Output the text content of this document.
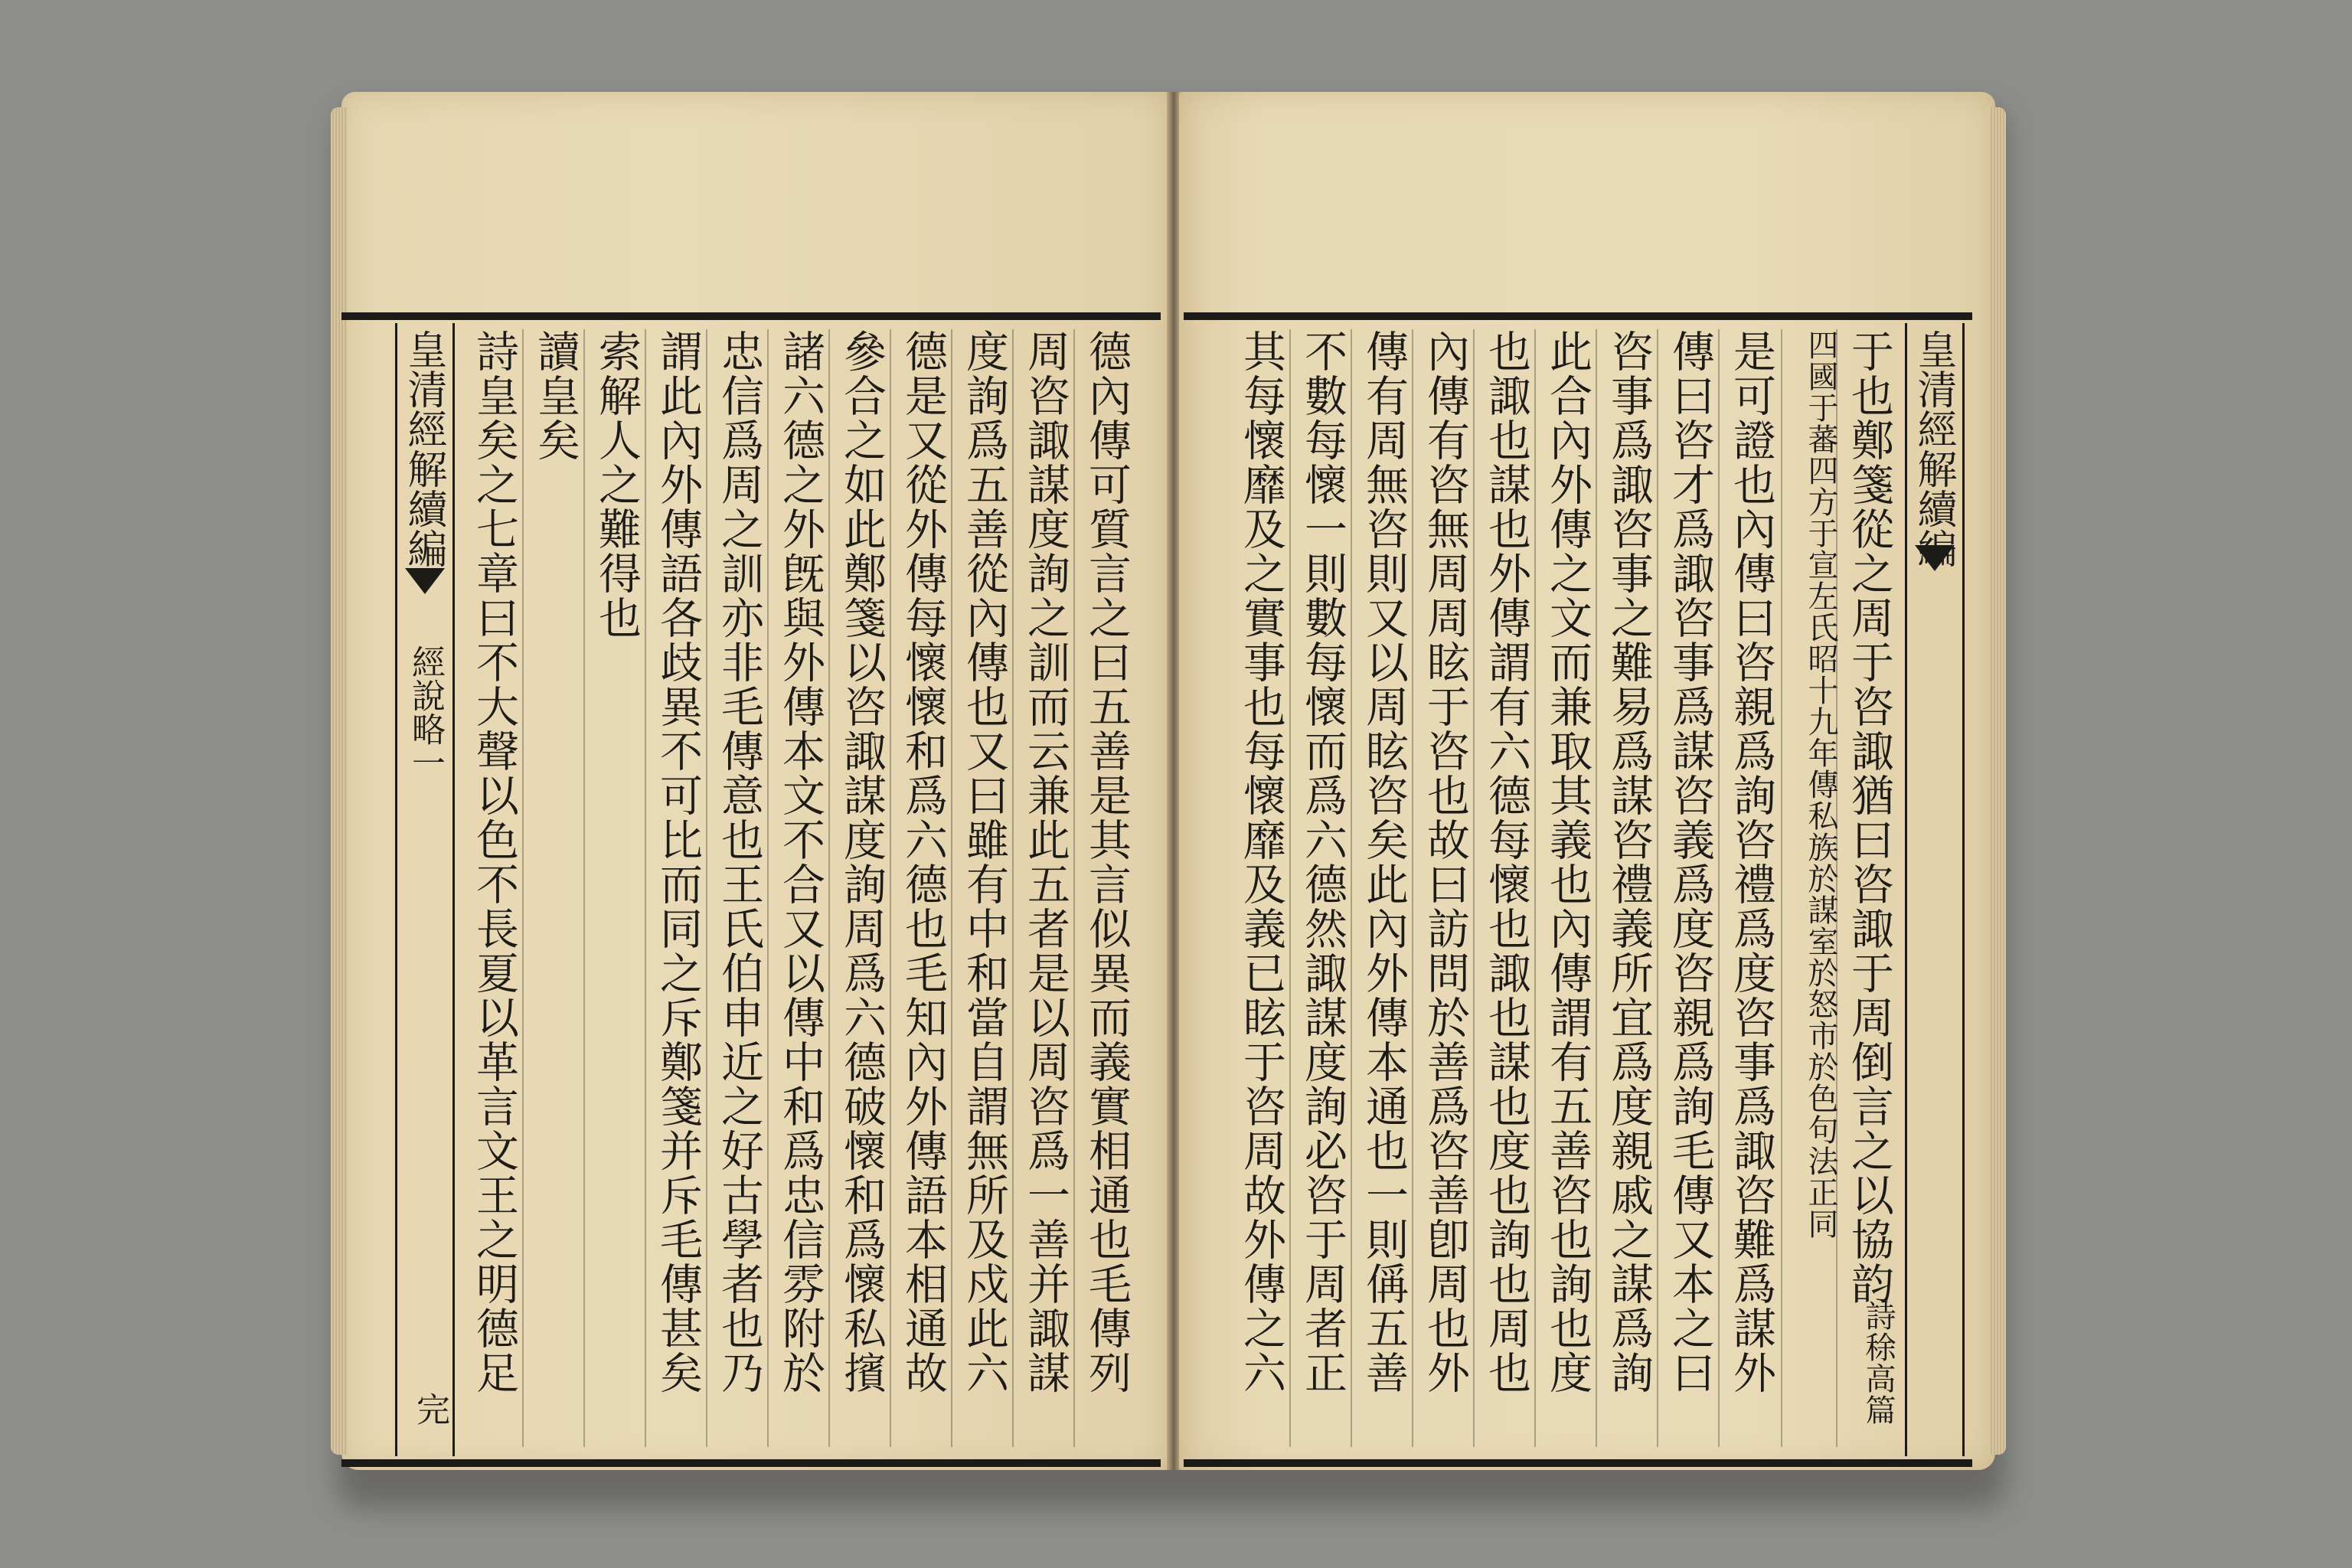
德內傳可質言之曰五善是其言似異而義實相通也毛傳列
周咨諏謀度詢之訓而云兼此五者是以周咨爲一善并諏謀
度詢爲五善從內傳也又曰雖有中和當自謂無所及戍此六
德是又從外傳每懷懷和爲六德也毛知內外傳語本相通故
參合之如此鄭箋以咨諏謀度詢周爲六德破懷和爲懷私擯
諸六德之外旣與外傳本文不合又以傳中和爲忠信雰附於
忠信爲周之訓亦非毛傳意也王氏伯申近之好古學者也乃
謂此內外傳語各歧異不可比而同之斥鄭箋并斥毛傳甚矣
索解人之難得也
讀皇矣
詩皇矣之七章曰不大聲以色不長夏以革言文王之明德足
皇清經解續編
經說略一
完
皇清經解續編
于也鄭箋從之周于咨諏猶曰咨諏于周倒言之以協韵
詩稌高篇
四國于蕃四方于宣左氏昭十九年傳私族於謀室於怒市於色句法正同
是可證也內傳曰咨親爲詢咨禮爲度咨事爲諏咨難爲謀外
傳曰咨才爲諏咨事爲謀咨義爲度咨親爲詢毛傳又本之曰
咨事爲諏咨事之難易爲謀咨禮義所宜爲度親戚之謀爲詢
此合內外傳之文而兼取其義也內傳謂有五善咨也詢也度
也諏也謀也外傳謂有六德每懷也諏也謀也度也詢也周也
內傳有咨無周周眩于咨也故曰訪問於善爲咨善卽周也外
傳有周無咨則又以周眩咨矣此內外傳本通也一則偁五善
不數每懷一則數每懷而爲六德然諏謀度詢必咨于周者正
其每懷靡及之實事也每懷靡及義已眩于咨周故外傳之六
